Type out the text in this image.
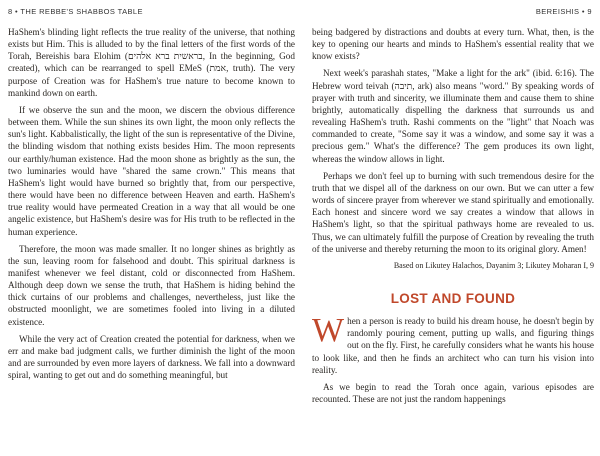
8 • THE REBBE'S SHABBOS TABLE	BEREISHIS • 9

HaShem's blinding light reflects the true reality of the universe, that nothing exists but Him. This is alluded to by the final letters of the first words of the Torah, Bereishis bara Elohim (בראשית ברא אלהים, In the beginning, God created), which can be rearranged to spell EMeS (אמת, truth). The very purpose of Creation was for HaShem's true nature to become known to mankind down on earth.

If we observe the sun and the moon, we discern the obvious difference between them. While the sun shines its own light, the moon only reflects the sun's light. Kabbalistically, the light of the sun is representative of the Divine, the blinding wisdom that nothing exists besides Him. The moon represents our earthly/human existence. Had the moon shone as brightly as the sun, the two luminaries would have "shared the same crown." This means that HaShem's light would have burned so brightly that, from our perspective, there would have been no difference between Heaven and earth. HaShem's true reality would have permeated Creation in a way that all would be one angelic existence, but HaShem's desire was for His truth to be reflected in the human experience.

Therefore, the moon was made smaller. It no longer shines as brightly as the sun, leaving room for falsehood and doubt. This spiritual darkness is manifest whenever we feel distant, cold or disconnected from HaShem. Although deep down we sense the truth, that HaShem is hiding behind the thick curtains of our problems and challenges, nevertheless, just like the obstructed moonlight, we are sometimes fooled into living in a diluted existence.

While the very act of Creation created the potential for darkness, when we err and make bad judgment calls, we further diminish the light of the moon and are surrounded by even more layers of darkness. We fall into a downward spiral, wanting to get out and do something meaningful, but

being badgered by distractions and doubts at every turn. What, then, is the key to opening our hearts and minds to HaShem's essential reality that we know exists?

Next week's parashah states, "Make a light for the ark" (ibid. 6:16). The Hebrew word teivah (תיבה, ark) also means "word." By speaking words of prayer with truth and sincerity, we illuminate them and cause them to shine brightly, automatically dispelling the darkness that surrounds us and revealing HaShem's truth. Rashi comments on the "light" that Noach was commanded to create, "Some say it was a window, and some say it was a precious gem." What's the difference? The gem produces its own light, whereas the window allows in light.

Perhaps we don't feel up to burning with such tremendous desire for the truth that we dispel all of the darkness on our own. But we can utter a few words of sincere prayer from wherever we stand spiritually and emotionally. Each honest and sincere word we say creates a window that allows in HaShem's light, so that the spiritual pathways home are revealed to us. Thus, we can ultimately fulfill the purpose of Creation by revealing the truth of the universe and thereby returning the moon to its original glory. Amen!

Based on Likutey Halachos, Dayanim 3; Likutey Moharan I, 9

LOST AND FOUND

When a person is ready to build his dream house, he doesn't begin by randomly pouring cement, putting up walls, and figuring things out on the fly. First, he carefully considers what he wants his house to look like, and then he finds an architect who can turn his vision into reality.

As we begin to read the Torah once again, various episodes are recounted. These are not just the random happenings
